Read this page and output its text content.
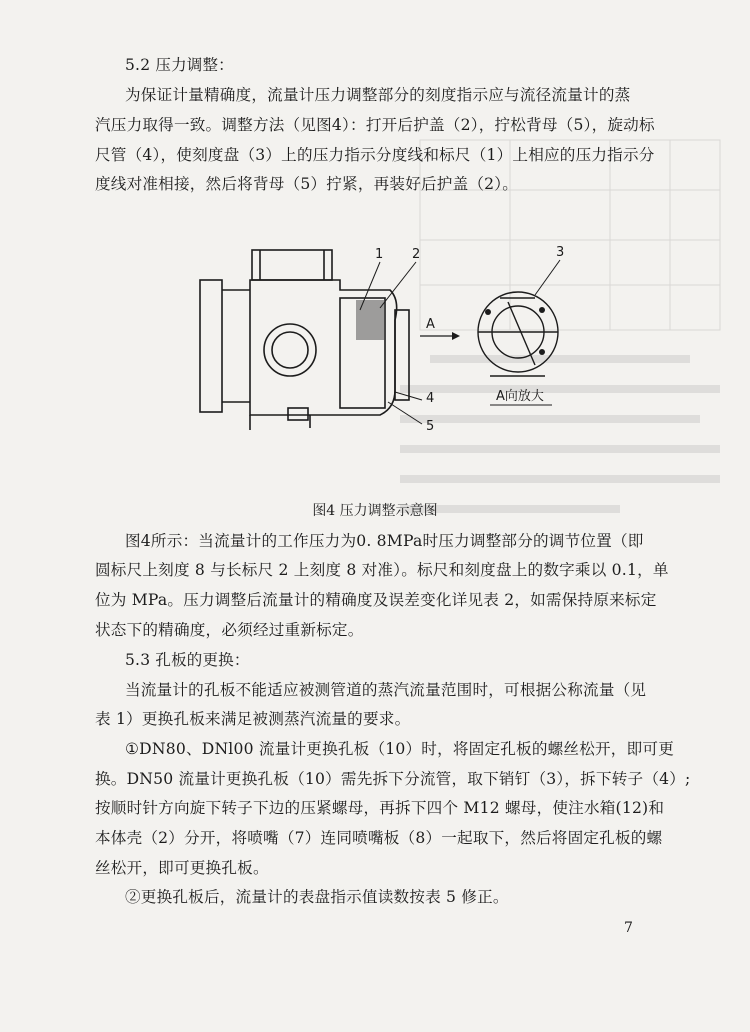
5.2 压力调整：
为保证计量精确度，流量计压力调整部分的刻度指示应与流径流量计的蒸
汽压力取得一致。调整方法（见图4）：打开后护盖（2），拧松背母（5），旋动标
尺管（4），使刻度盘（3）上的压力指示分度线和标尺（1）上相应的压力指示分
度线对准相接，然后将背母（5）拧紧，再装好后护盖（2）。
1 2
4
5
A
3
A向放大
图4 压力调整示意图
图4所示：当流量计的工作压力为0. 8MPa时压力调整部分的调节位置（即
圆标尺上刻度 8 与长标尺 2 上刻度 8 对准）。标尺和刻度盘上的数字乘以 0.1，单
位为 MPa。压力调整后流量计的精确度及误差变化详见表 2，如需保持原来标定
状态下的精确度，必须经过重新标定。
5.3 孔板的更换：
当流量计的孔板不能适应被测管道的蒸汽流量范围时，可根据公称流量（见
表 1）更换孔板来满足被测蒸汽流量的要求。
①DN80、DNl00 流量计更换孔板（10）时，将固定孔板的螺丝松开，即可更
换。DN50 流量计更换孔板（10）需先拆下分流管，取下销钉（3），拆下转子（4）;
按顺时针方向旋下转子下边的压紧螺母，再拆下四个 M12 螺母，使注水箱(12)和
本体壳（2）分开，将喷嘴（7）连同喷嘴板（8）一起取下，然后将固定孔板的螺
丝松开，即可更换孔板。
②更换孔板后，流量计的表盘指示值读数按表 5 修正。
7
